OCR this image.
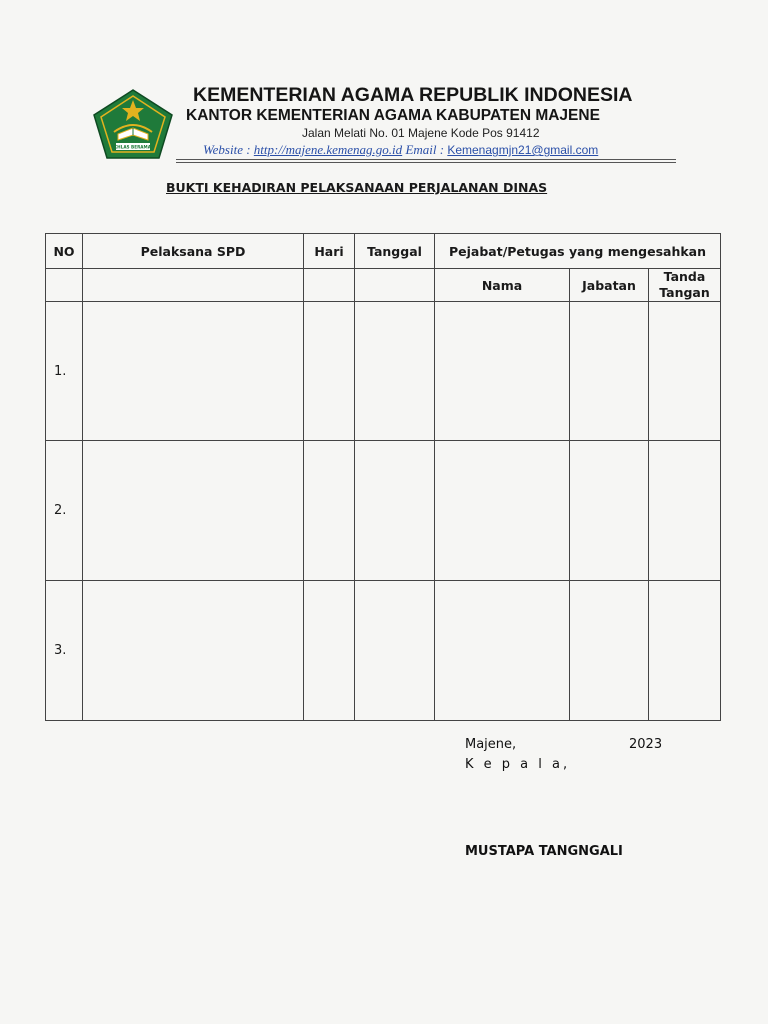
IKHLAS BERAMAL
KEMENTERIAN AGAMA REPUBLIK INDONESIA
KANTOR KEMENTERIAN AGAMA KABUPATEN MAJENE
Jalan Melati No. 01 Majene Kode Pos 91412
Website : http://majene.kemenag.go.id Email : Kemenagmjn21@gmail.com
BUKTI KEHADIRAN PELAKSANAAN PERJALANAN DINAS
NO	Pelaksana SPD	Hari	Tanggal	Pejabat/Petugas yang mengesahkan		
				Nama	Jabatan	Tanda
Tangan
1.						
2.						
3.						
Majene,	2023
K e p a l a,
MUSTAPA TANGNGALI
